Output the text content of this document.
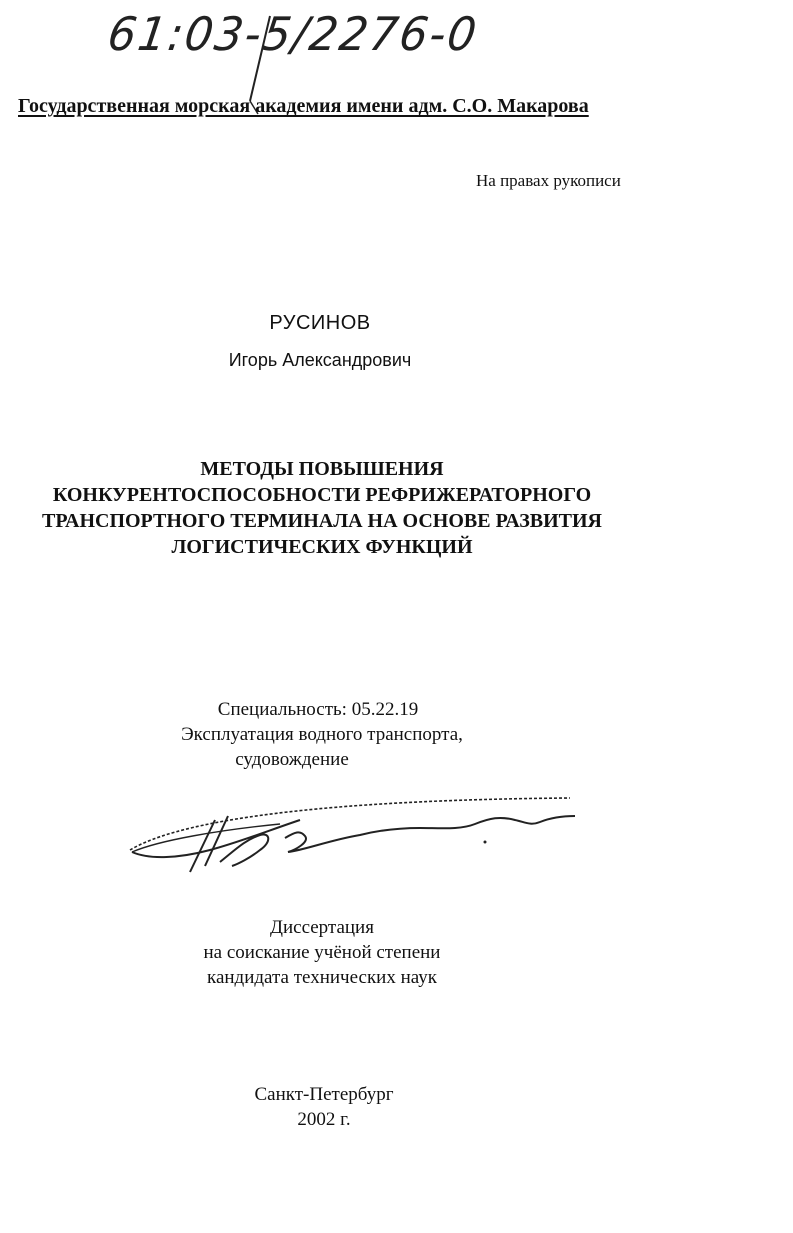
61:03-5/2276-0
Государственная морская академия имени адм. С.О. Макарова
На правах рукописи
РУСИНОВ
Игорь Александрович
МЕТОДЫ ПОВЫШЕНИЯ
КОНКУРЕНТОСПОСОБНОСТИ РЕФРИЖЕРАТОРНОГО
ТРАНСПОРТНОГО ТЕРМИНАЛА НА ОСНОВЕ РАЗВИТИЯ
ЛОГИСТИЧЕСКИХ ФУНКЦИЙ
Специальность: 05.22.19
Эксплуатация водного транспорта,
судовождение
Диссертация
на соискание учёной степени
кандидата технических наук
Санкт-Петербург
2002 г.
